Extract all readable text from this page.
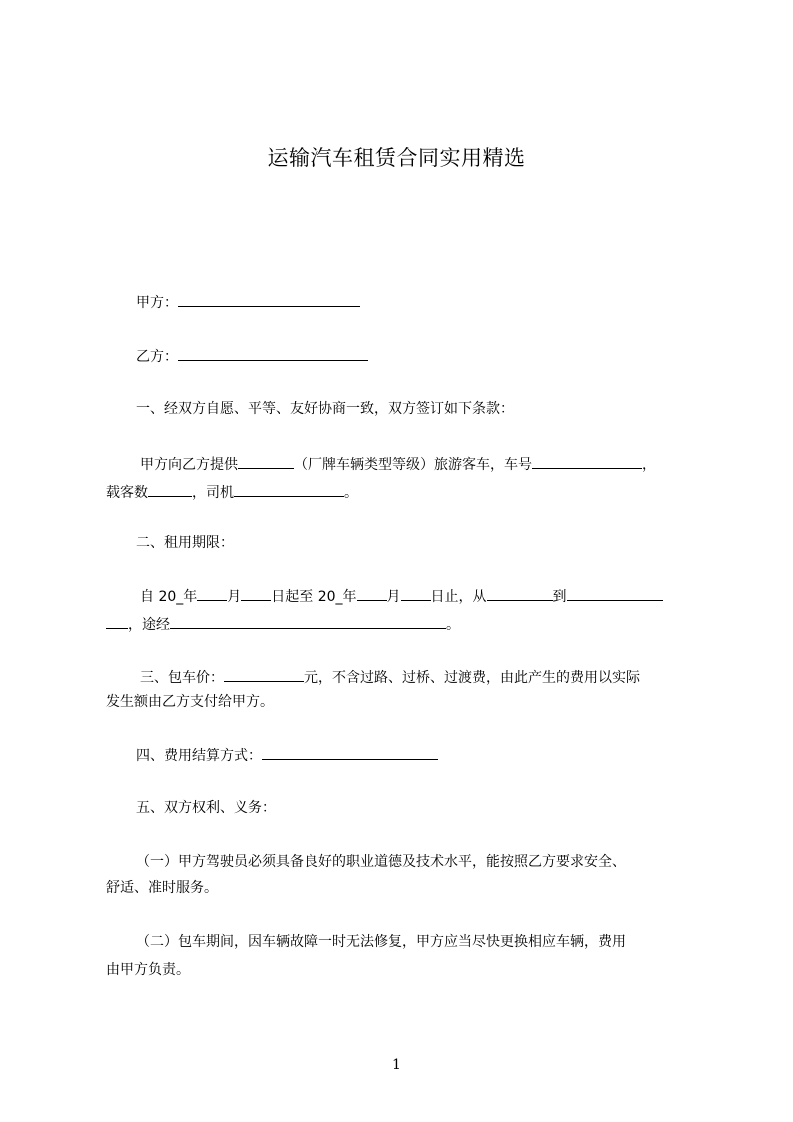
运输汽车租赁合同实用精选
甲方：
乙方：
一、经双方自愿、平等、友好协商一致，双方签订如下条款：
甲方向乙方提供	（厂牌车辆类型等级）旅游客车，车号	，
载客数	，司机	。
二、租用期限：
自 20_年 月 日起至 20_年 月 日止，从	到
，途经	。
三、包车价：	元，不含过路、过桥、过渡费，由此产生的费用以实际
发生额由乙方支付给甲方。
四、费用结算方式：
五、双方权利、义务：
（一）甲方驾驶员必须具备良好的职业道德及技术水平，能按照乙方要求安全、
舒适、准时服务。
（二）包车期间，因车辆故障一时无法修复，甲方应当尽快更换相应车辆，费用
由甲方负责。
1
